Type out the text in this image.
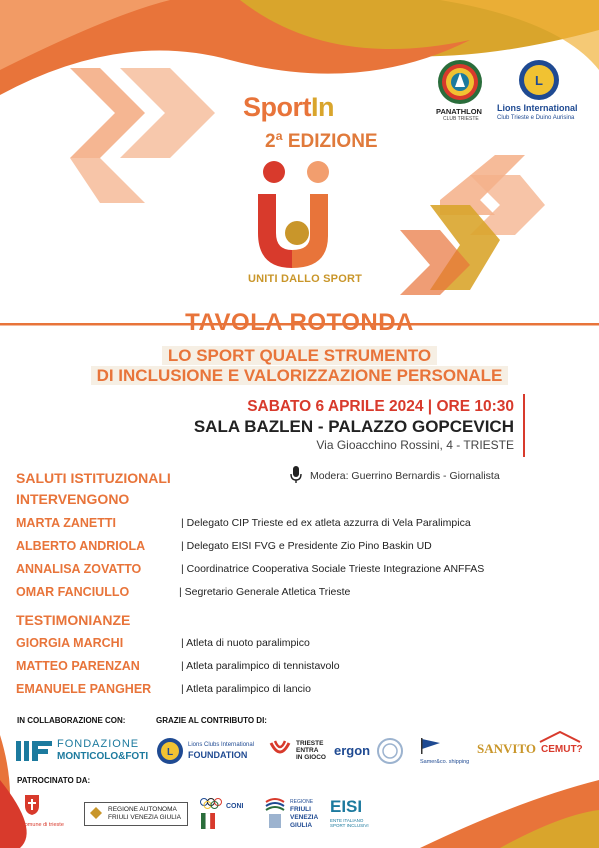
SportIn
2ª EDIZIONE
UNITI DALLO SPORT
PANATHLON
CLUB TRIESTE
L
Lions International
Club Trieste e Duino Aurisina
TAVOLA ROTONDA
LO SPORT QUALE STRUMENTO
DI INCLUSIONE E VALORIZZAZIONE PERSONALE
SABATO 6 APRILE 2024 | ORE 10:30
SALA BAZLEN - PALAZZO GOPCEVICH
Via Gioacchino Rossini, 4 - TRIESTE
Modera: Guerrino Bernardis - Giornalista
SALUTI ISTITUZIONALI
INTERVENGONO
MARTA ZANETTI	| Delegato CIP Trieste ed ex atleta azzurra di Vela Paralimpica
ALBERTO ANDRIOLA	| Delegato EISI FVG e Presidente Zio Pino Baskin UD
ANNALISA ZOVATTO	| Coordinatrice Cooperativa Sociale Trieste Integrazione ANFFAS
OMAR FANCIULLO	| Segretario Generale Atletica Trieste
TESTIMONIANZE
GIORGIA MARCHI	| Atleta di nuoto paralimpico
MATTEO PARENZAN	| Atleta paralimpico di tennistavolo
EMANUELE PANGHER	| Atleta paralimpico di lancio
IN COLLABORAZIONE CON:	GRAZIE AL CONTRIBUTO DI:
PATROCINATO DA:
FONDAZIONE
MONTICOLO&FOTI L
Lions Clubs International
FOUNDATION
TRIESTE
ENTRA
IN GIOCO ergon
Samer&co. shipping
SANVITO CEMUT?
comune di trieste
REGIONE AUTONOMA
FRIULI VENEZIA GIULIA
CONI
REGIONE
FRIULI
VENEZIA
GIULIA
EISI
ENTE ITALIANO SPORT INCLUSIVI
